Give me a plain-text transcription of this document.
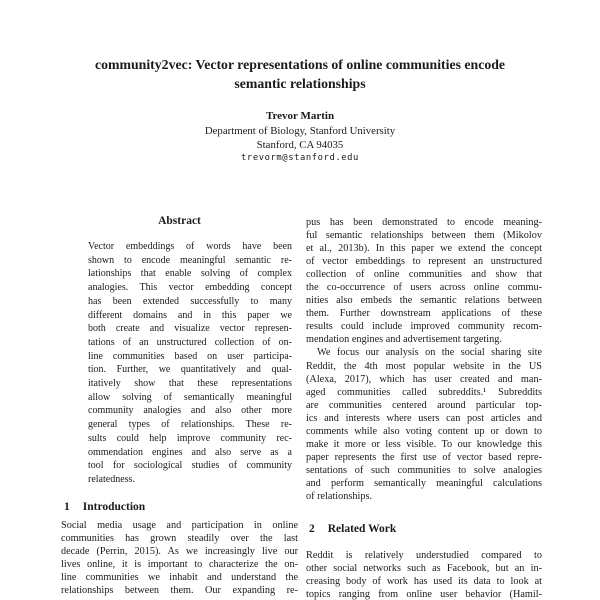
community2vec: Vector representations of online communities encode
semantic relationships
Trevor Martin
Department of Biology, Stanford University
Stanford, CA 94035
trevorm@stanford.edu
Abstract
Vector embeddings of words have been
shown to encode meaningful semantic re-
lationships that enable solving of complex
analogies. This vector embedding concept
has been extended successfully to many
different domains and in this paper we
both create and visualize vector represen-
tations of an unstructured collection of on-
line communities based on user participa-
tion. Further, we quantitatively and qual-
itatively show that these representations
allow solving of semantically meaningful
community analogies and also other more
general types of relationships. These re-
sults could help improve community rec-
ommendation engines and also serve as a
tool for sociological studies of community
relatedness.
1 Introduction
Social media usage and participation in online
communities has grown steadily over the last
decade (Perrin, 2015). As we increasingly live our
lives online, it is important to characterize the on-
line communities we inhabit and understand the
relationships between them. Our expanding re-
pus has been demonstrated to encode meaning-
ful semantic relationships between them (Mikolov
et al., 2013b). In this paper we extend the concept
of vector embeddings to represent an unstructured
collection of online communities and show that
the co-occurrence of users across online commu-
nities also embeds the semantic relations between
them. Further downstream applications of these
results could include improved community recom-
mendation engines and advertisement targeting.
We focus our analysis on the social sharing site
Reddit, the 4th most popular website in the US
(Alexa, 2017), which has user created and man-
aged communities called subreddits.¹ Subreddits
are communities centered around particular top-
ics and interests where users can post articles and
comments while also voting content up or down to
make it more or less visible. To our knowledge this
paper represents the first use of vector based repre-
sentations of such communities to solve analogies
and perform semantically meaningful calculations
of relationships.
2 Related Work
Reddit is relatively understudied compared to
other social networks such as Facebook, but an in-
creasing body of work has used its data to look at
topics ranging from online user behavior (Hamil-
